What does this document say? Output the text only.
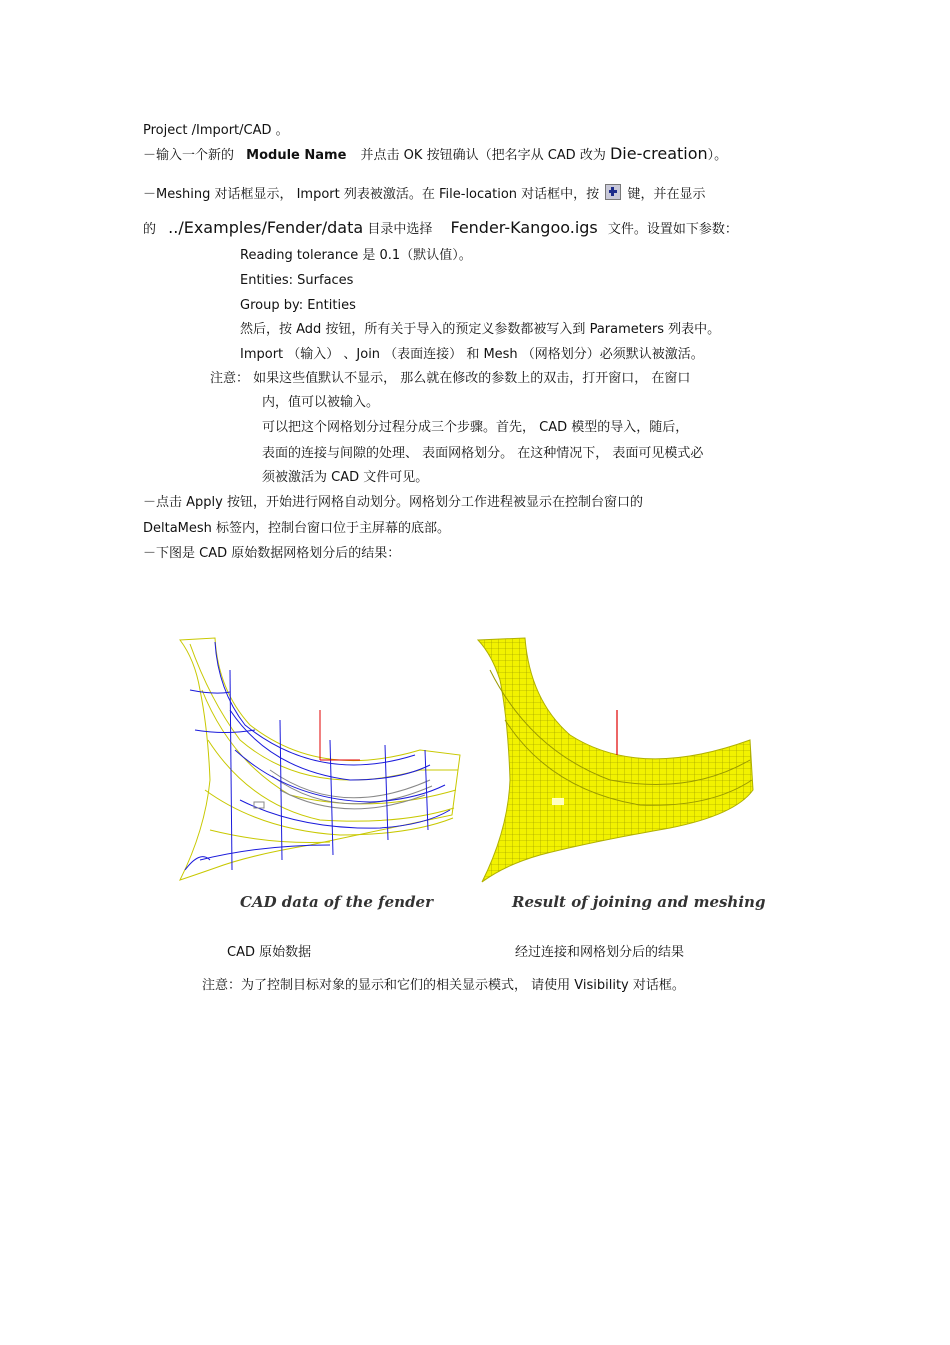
Project /Import/CAD 。
－输入一个新的 Module Name 并点击 OK 按钮确认（把名字从 CAD 改为 Die-creation）。
－Meshing 对话框显示， Import 列表被激活。在 File-location 对话框中，按 键，并在显示
的 ../Examples/Fender/data 目录中选择 Fender-Kangoo.igs 文件。设置如下参数：
Reading tolerance 是 0.1（默认值）。
Entities: Surfaces
Group by: Entities
然后，按 Add 按钮，所有关于导入的预定义参数都被写入到 Parameters 列表中。
Import （输入） 、Join （表面连接） 和 Mesh （网格划分）必须默认被激活。
注意： 如果这些值默认不显示， 那么就在修改的参数上的双击，打开窗口， 在窗口
内，值可以被输入。
可以把这个网格划分过程分成三个步骤。首先， CAD 模型的导入，随后，
表面的连接与间隙的处理、 表面网格划分。 在这种情况下， 表面可见模式必
须被激活为 CAD 文件可见。
－点击 Apply 按钮，开始进行网格自动划分。网格划分工作进程被显示在控制台窗口的
DeltaMesh 标签内，控制台窗口位于主屏幕的底部。
－下图是 CAD 原始数据网格划分后的结果：
CAD data of the fender	Result of joining and meshing
CAD 原始数据	经过连接和网格划分后的结果
注意：为了控制目标对象的显示和它们的相关显示模式， 请使用 Visibility 对话框。
